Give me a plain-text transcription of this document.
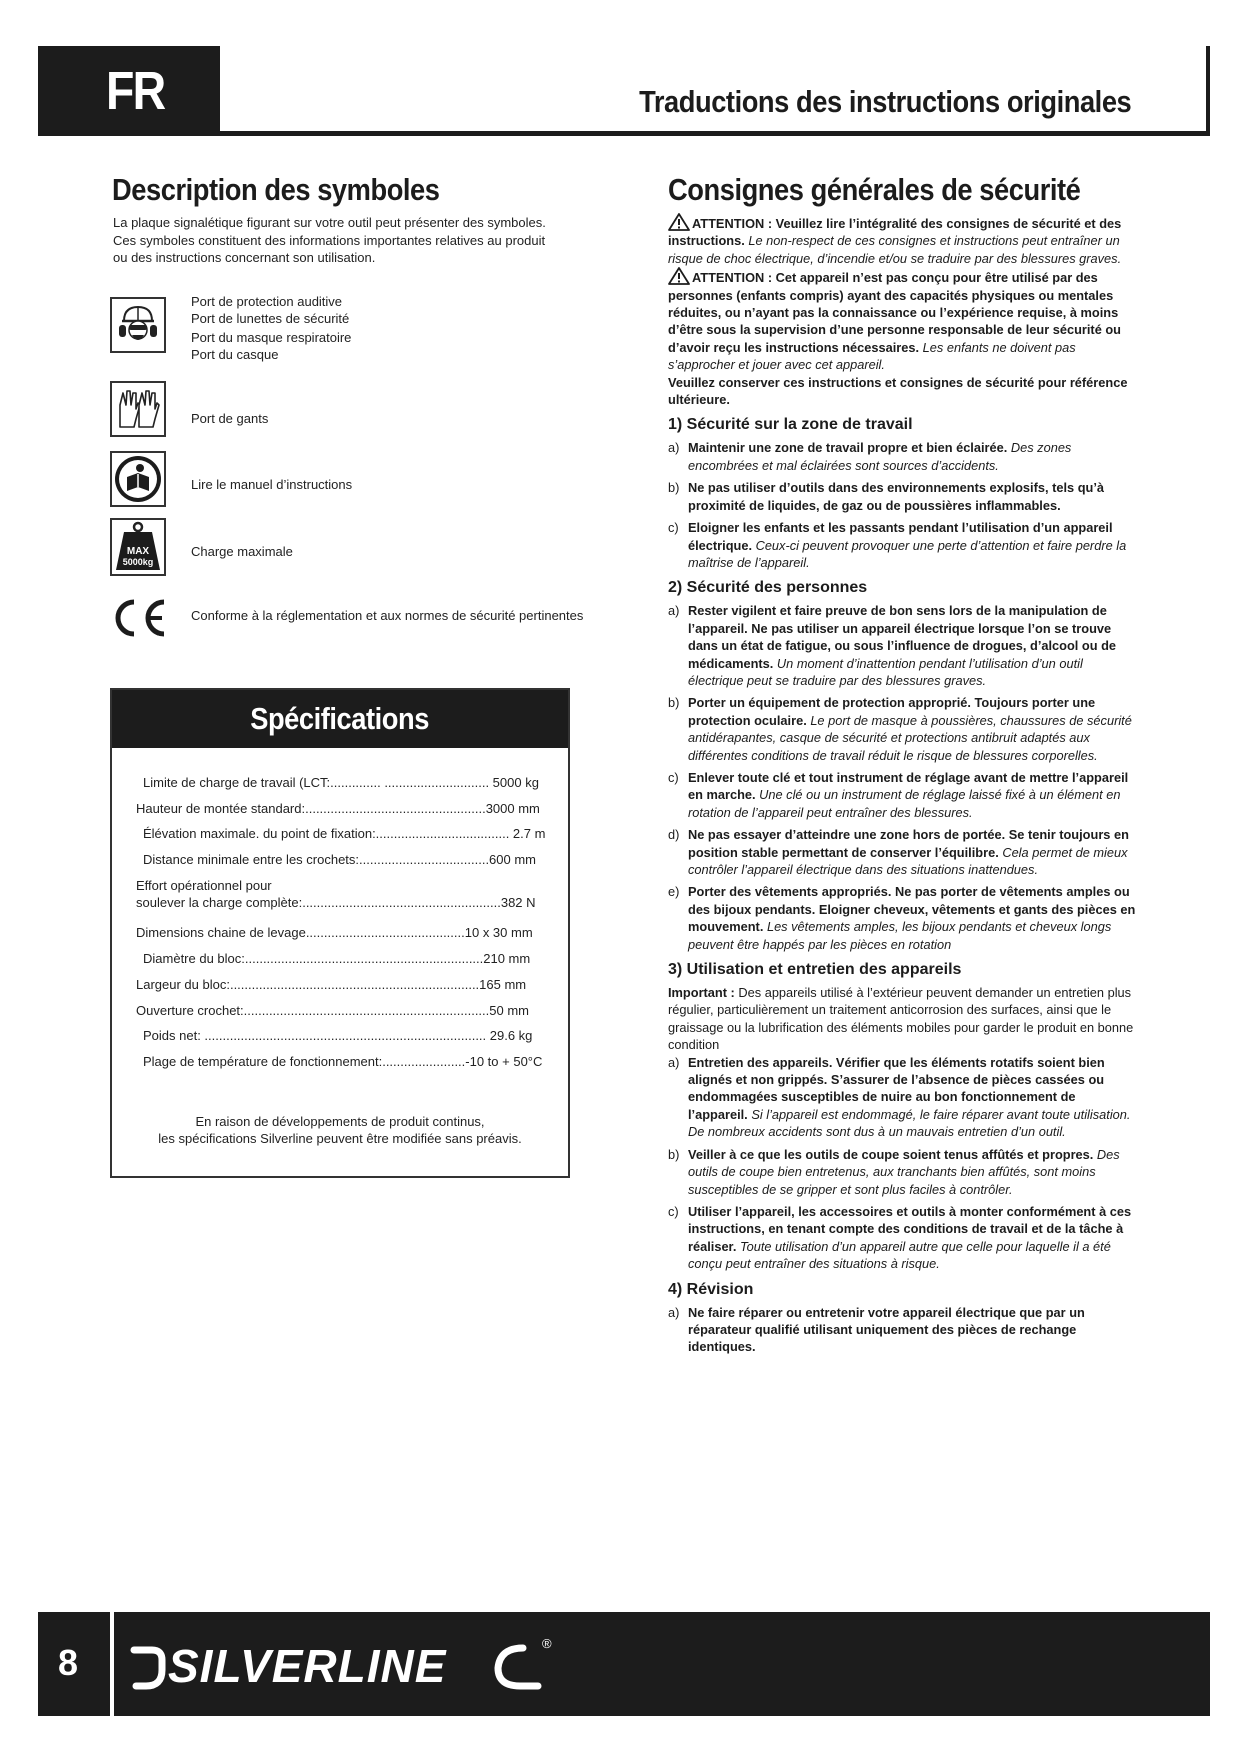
FR	Traductions des instructions originales
Description des symboles
La plaque signalétique figurant sur votre outil peut présenter des symboles. Ces symboles constituent des informations importantes relatives au produit ou des instructions concernant son utilisation.
Port de protection auditive
Port de lunettes de sécurité
Port du masque respiratoire
Port du casque
Port de gants
Lire le manuel d’instructions
MAX
5000kg
Charge maximale
Conforme à la réglementation et aux normes de sécurité pertinentes
Spécifications
Limite de charge de travail (LCT:.............. ............................. 5000 kg
Hauteur de montée standard:..................................................3000 mm
Élévation maximale. du point de fixation:..................................... 2.7 m
Distance minimale entre les crochets:....................................600 mm
Effort opérationnel pour
soulever la charge complète:.......................................................382 N
Dimensions chaine de levage............................................10 x 30 mm
Diamètre du bloc:..................................................................210 mm
Largeur du bloc:.....................................................................165 mm
Ouverture crochet:....................................................................50 mm
Poids net: .............................................................................. 29.6 kg
Plage de température de fonctionnement:.......................-10 to + 50°C
En raison de développements de produit continus,
les spécifications Silverline peuvent être modifiée sans préavis.
Consignes générales de sécurité

ATTENTION : Veuillez lire l’intégralité des consignes de sécurité et des instructions. Le non-respect de ces consignes et instructions peut entraîner un risque de choc électrique, d’incendie et/ou se traduire par des blessures graves.

ATTENTION : Cet appareil n’est pas conçu pour être utilisé par des personnes (enfants compris) ayant des capacités physiques ou mentales réduites, ou n’ayant pas la connaissance ou l’expérience requise, à moins d’être sous la supervision d’une personne responsable de leur sécurité ou d’avoir reçu les instructions nécessaires. Les enfants ne doivent pas s’approcher et jouer avec cet appareil.

Veuillez conserver ces instructions et consignes de sécurité pour référence ultérieure.

1) Sécurité sur la zone de travail
a) Maintenir une zone de travail propre et bien éclairée. Des zones encombrées et mal éclairées sont sources d’accidents.
b) Ne pas utiliser d’outils dans des environnements explosifs, tels qu’à proximité de liquides, de gaz ou de poussières inflammables.
c) Eloigner les enfants et les passants pendant l’utilisation d’un appareil électrique. Ceux-ci peuvent provoquer une perte d’attention et faire perdre la maîtrise de l’appareil.
2) Sécurité des personnes
a) Rester vigilent et faire preuve de bon sens lors de la manipulation de l’appareil. Ne pas utiliser un appareil électrique lorsque l’on se trouve dans un état de fatigue, ou sous l’influence de drogues, d’alcool ou de médicaments. Un moment d’inattention pendant l’utilisation d’un outil électrique peut se traduire par des blessures graves.
b) Porter un équipement de protection approprié. Toujours porter une protection oculaire. Le port de masque à poussières, chaussures de sécurité antidérapantes, casque de sécurité et protections antibruit adaptés aux différentes conditions de travail réduit le risque de blessures corporelles.
c) Enlever toute clé et tout instrument de réglage avant de mettre l’appareil en marche. Une clé ou un instrument de réglage laissé fixé à un élément en rotation de l’appareil peut entraîner des blessures.
d) Ne pas essayer d’atteindre une zone hors de portée. Se tenir toujours en position stable permettant de conserver l’équilibre. Cela permet de mieux contrôler l’appareil électrique dans des situations inattendues.
e) Porter des vêtements appropriés. Ne pas porter de vêtements amples ou des bijoux pendants. Eloigner cheveux, vêtements et gants des pièces en mouvement. Les vêtements amples, les bijoux pendants et cheveux longs peuvent être happés par les pièces en rotation
3) Utilisation et entretien des appareils

Important : Des appareils utilisé à l’extérieur peuvent demander un entretien plus régulier, particulièrement un traitement anticorrosion des surfaces, ainsi que le graissage ou la lubrification des éléments mobiles pour garder le produit en bonne condition

a) Entretien des appareils. Vérifier que les éléments rotatifs soient bien alignés et non grippés. S’assurer de l’absence de pièces cassées ou endommagées susceptibles de nuire au bon fonctionnement de l’appareil. Si l’appareil est endommagé, le faire réparer avant toute utilisation. De nombreux accidents sont dus à un mauvais entretien d’un outil.
b) Veiller à ce que les outils de coupe soient tenus affûtés et propres. Des outils de coupe bien entretenus, aux tranchants bien affûtés, sont moins susceptibles de se gripper et sont plus faciles à contrôler.
c) Utiliser l’appareil, les accessoires et outils à monter conformément à ces instructions, en tenant compte des conditions de travail et de la tâche à réaliser. Toute utilisation d’un appareil autre que celle pour laquelle il a été conçu peut entraîner des situations à risque.
4) Révision
a) Ne faire réparer ou entretenir votre appareil électrique que par un réparateur qualifié utilisant uniquement des pièces de rechange identiques.
8 SILVERLINE	®
